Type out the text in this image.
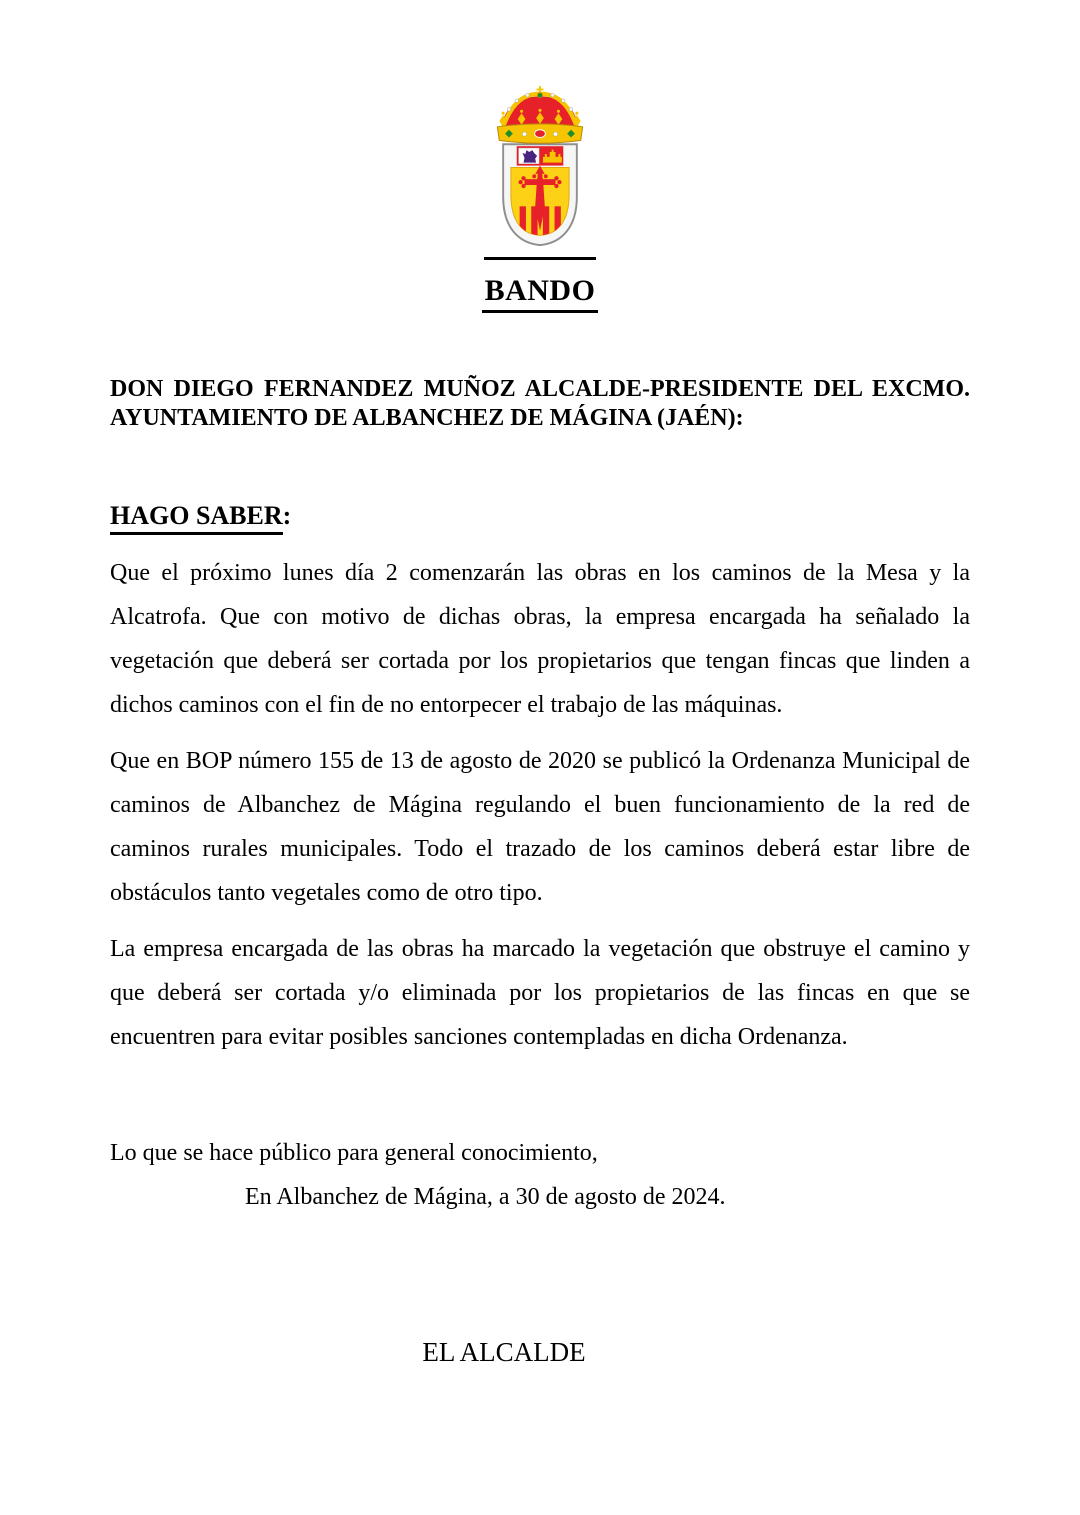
BANDO
DON DIEGO FERNANDEZ MUÑOZ ALCALDE-PRESIDENTE DEL EXCMO.
AYUNTAMIENTO DE ALBANCHEZ DE MÁGINA (JAÉN):
HAGO SABER:

Que el próximo lunes día 2 comenzarán las obras en los caminos de la Mesa y la Alcatrofa. Que con motivo de dichas obras, la empresa encargada ha señalado la vegetación que deberá ser cortada por los propietarios que tengan fincas que linden a dichos caminos con el fin de no entorpecer el trabajo de las máquinas.

Que en BOP número 155 de 13 de agosto de 2020 se publicó la Ordenanza Municipal de caminos de Albanchez de Mágina regulando el buen funcionamiento de la red de caminos rurales municipales. Todo el trazado de los caminos deberá estar libre de obstáculos tanto vegetales como de otro tipo.

La empresa encargada de las obras ha marcado la vegetación que obstruye el camino y que deberá ser cortada y/o eliminada por los propietarios de las fincas en que se encuentren para evitar posibles sanciones contempladas en dicha Ordenanza.

Lo que se hace público para general conocimiento,
En Albanchez de Mágina, a 30 de agosto de 2024.
EL ALCALDE
